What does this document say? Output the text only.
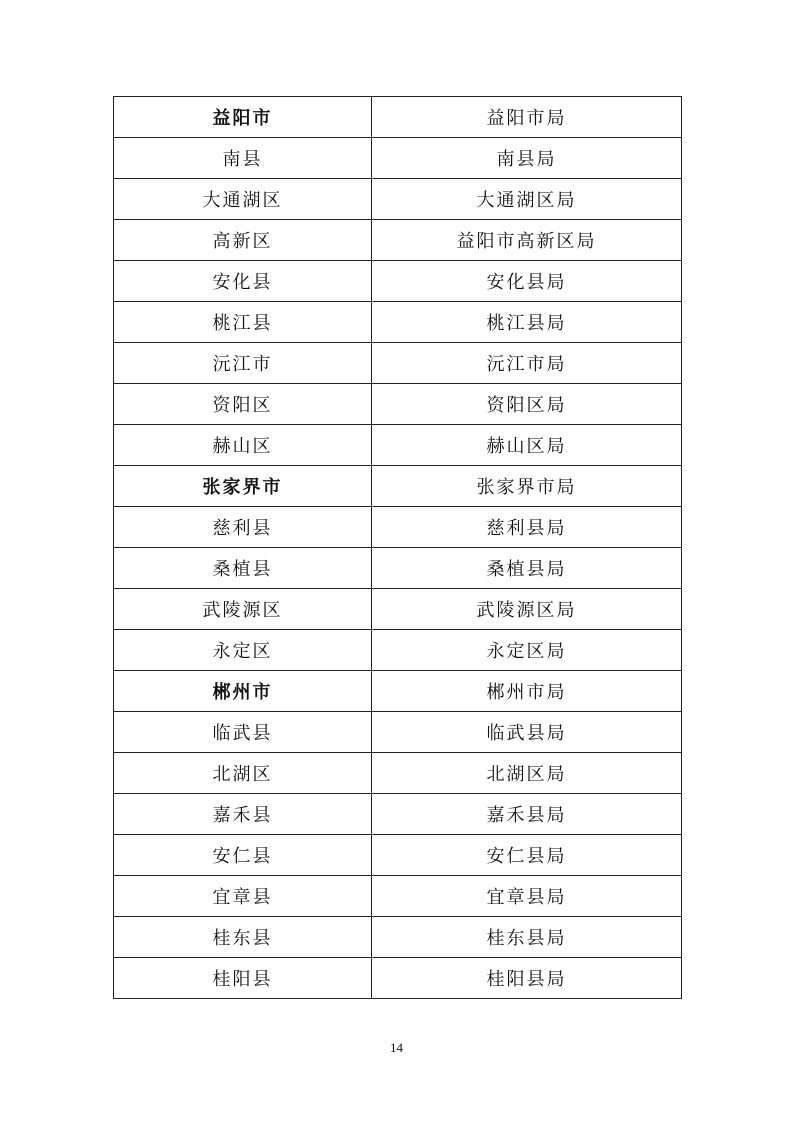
益阳市	益阳市局
南县	南县局
大通湖区	大通湖区局
高新区	益阳市高新区局
安化县	安化县局
桃江县	桃江县局
沅江市	沅江市局
资阳区	资阳区局
赫山区	赫山区局
张家界市	张家界市局
慈利县	慈利县局
桑植县	桑植县局
武陵源区	武陵源区局
永定区	永定区局
郴州市	郴州市局
临武县	临武县局
北湖区	北湖区局
嘉禾县	嘉禾县局
安仁县	安仁县局
宜章县	宜章县局
桂东县	桂东县局
桂阳县	桂阳县局
14
